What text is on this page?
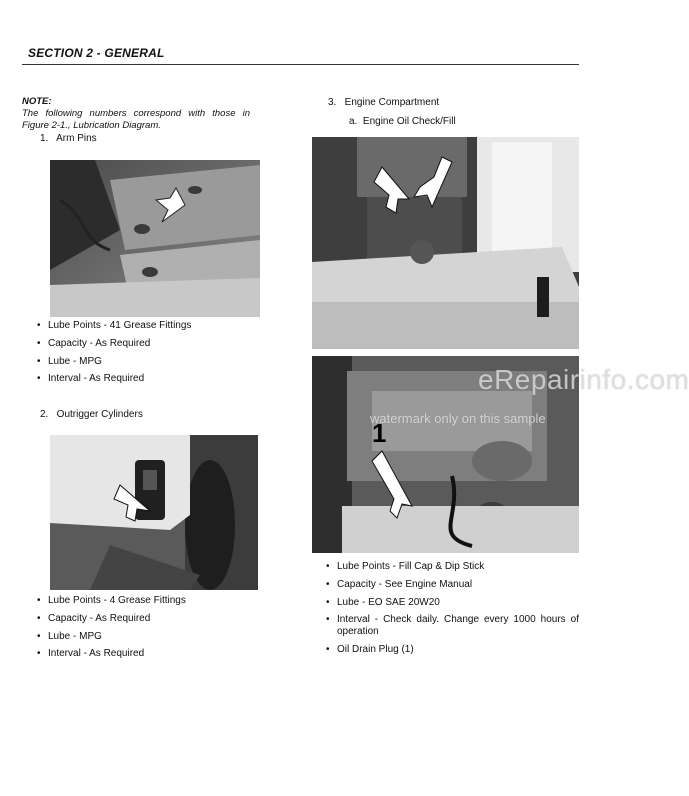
SECTION 2 - GENERAL
NOTE:  The following numbers correspond with those in Figure 2-1., Lubrication Diagram.
1.   Arm Pins
• Lube Points - 41 Grease Fittings
• Capacity - As Required
• Lube - MPG
• Interval - As Required
2.   Outrigger Cylinders
• Lube Points - 4 Grease Fittings
• Capacity - As Required
• Lube - MPG
• Interval - As Required
3.   Engine Compartment
a.  Engine Oil Check/Fill
1
eRepairinfo.com
watermark only on this sample
• Lube Points - Fill Cap & Dip Stick
• Capacity - See Engine Manual
• Lube - EO SAE 20W20
• Interval - Check daily. Change every 1000 hours of operation
• Oil Drain Plug (1)
